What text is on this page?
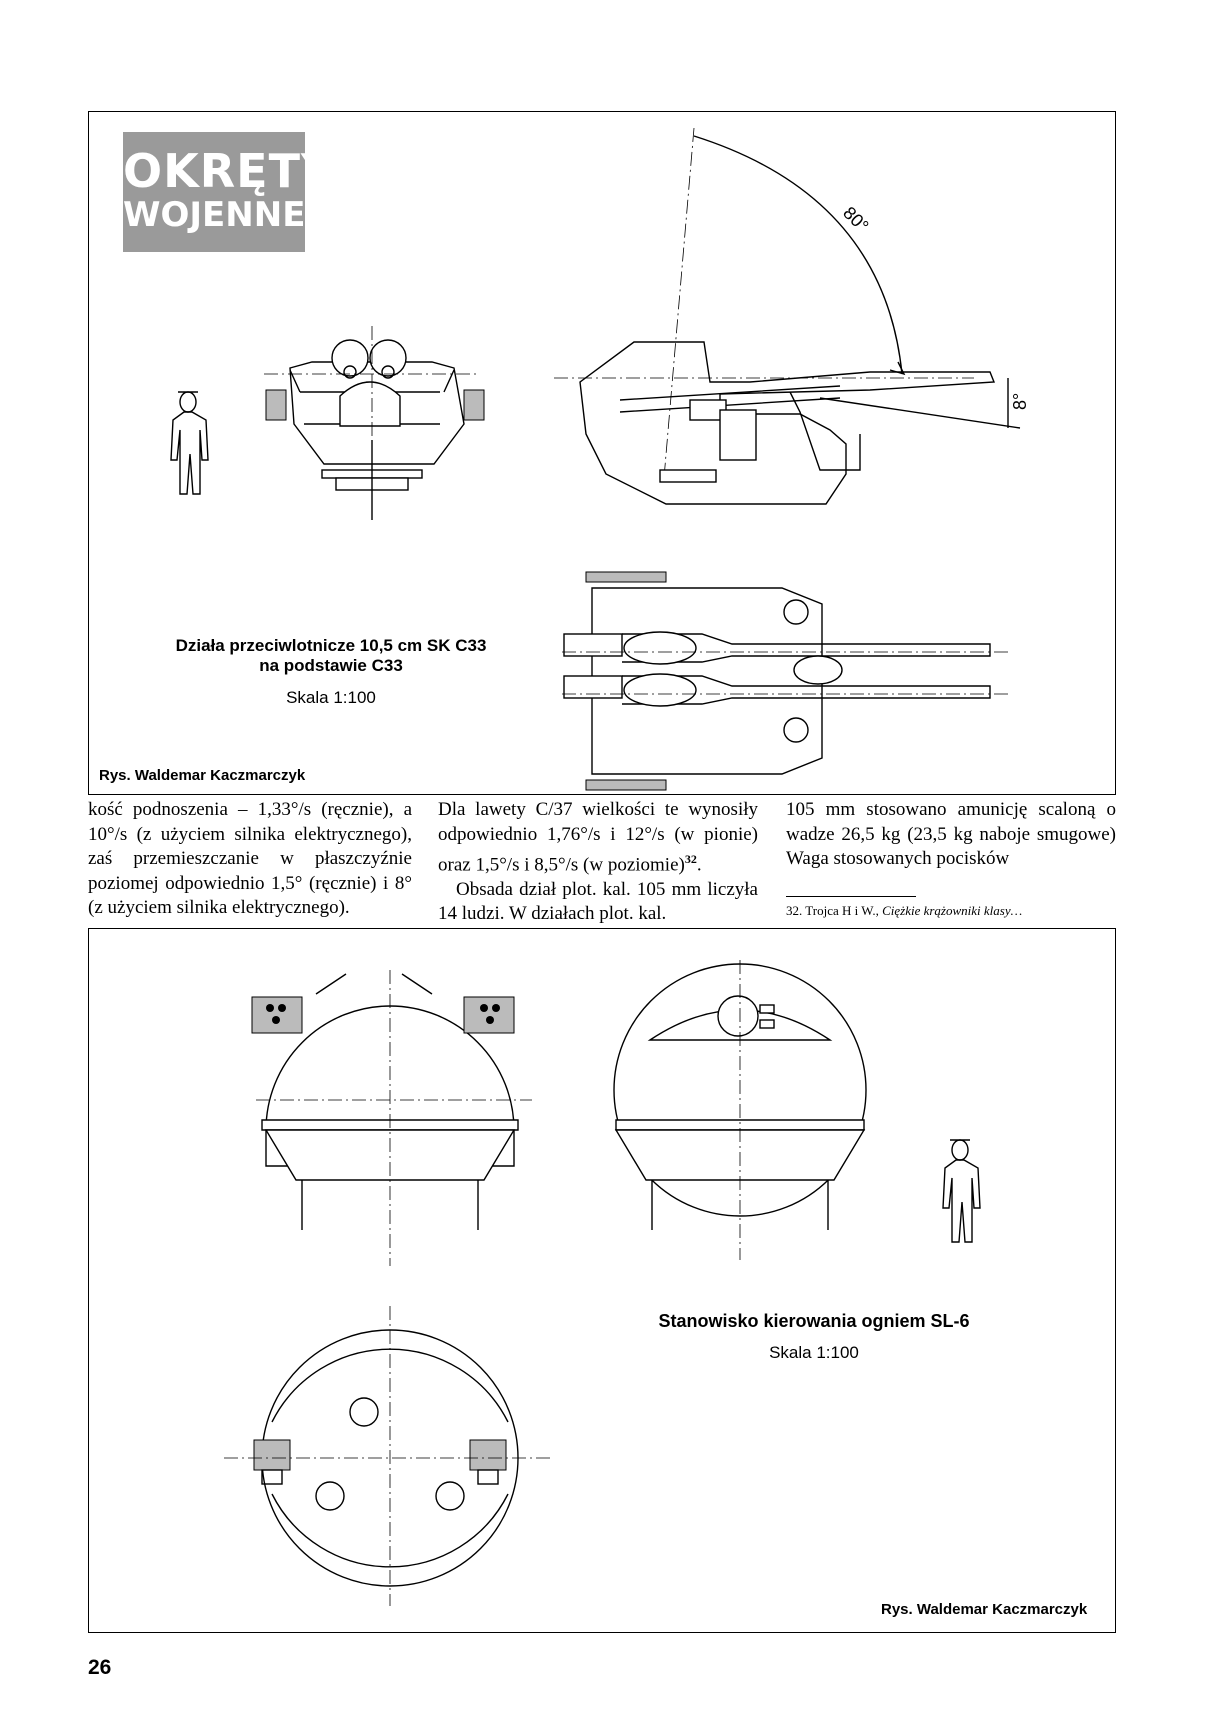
OKRĘTY
WOJENNE
Działa przeciwlotnicze 10,5 cm SK C33
na podstawie C33
Skala 1:100
Rys. Waldemar Kaczmarczyk

kość podnoszenia – 1,33°/s (ręcznie), a 10°/s (z użyciem silnika elektrycznego), zaś przemieszczanie w płaszczyźnie poziomej odpowiednio 1,5° (ręcznie) i 8° (z użyciem silnika elektrycznego).

Dla lawety C/37 wielkości te wynosiły odpowiednio 1,76°/s i 12°/s (w pionie) oraz 1,5°/s i 8,5°/s (w poziomie)$^{32}$.

Obsada dział plot. kal. 105 mm liczyła 14 ludzi. W działach plot. kal.

105 mm stosowano amunicję scaloną o wadze 26,5 kg (23,5 kg naboje smugowe) Waga stosowanych pocisków

32. Trojca H i W., Ciężkie krążowniki klasy…
Stanowisko kierowania ogniem SL-6
Skala 1:100
Rys. Waldemar Kaczmarczyk
26
80°
8°
